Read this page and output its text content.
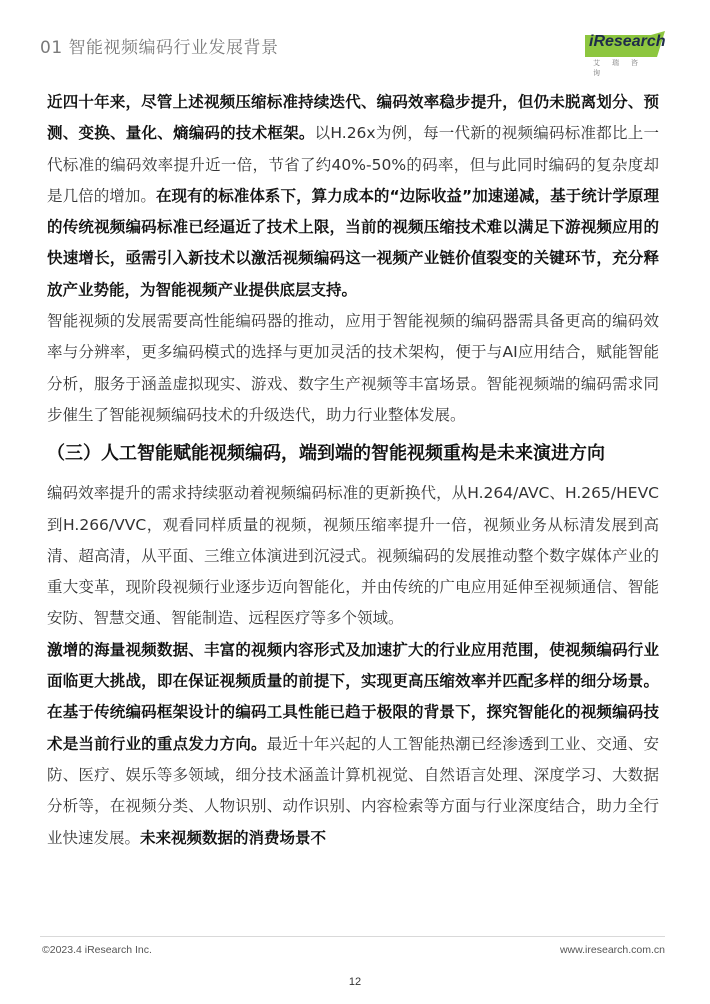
01 智能视频编码行业发展背景	iResearch
艾瑞咨询

近四十年来，尽管上述视频压缩标准持续迭代、编码效率稳步提升，但仍未脱离划分、预测、变换、量化、熵编码的技术框架。以H.26x为例，每一代新的视频编码标准都比上一代标准的编码效率提升近一倍，节省了约40%-50%的码率，但与此同时编码的复杂度却是几倍的增加。在现有的标准体系下，算力成本的“边际收益”加速递减，基于统计学原理的传统视频编码标准已经逼近了技术上限，当前的视频压缩技术难以满足下游视频应用的快速增长，亟需引入新技术以激活视频编码这一视频产业链价值裂变的关键环节，充分释放产业势能，为智能视频产业提供底层支持。

智能视频的发展需要高性能编码器的推动，应用于智能视频的编码器需具备更高的编码效率与分辨率，更多编码模式的选择与更加灵活的技术架构，便于与AI应用结合，赋能智能分析，服务于涵盖虚拟现实、游戏、数字生产视频等丰富场景。智能视频端的编码需求同步催生了智能视频编码技术的升级迭代，助力行业整体发展。

（三）人工智能赋能视频编码，端到端的智能视频重构是未来演进方向

编码效率提升的需求持续驱动着视频编码标准的更新换代，从H.264/AVC、H.265/HEVC到H.266/VVC，观看同样质量的视频，视频压缩率提升一倍，视频业务从标清发展到高清、超高清，从平面、三维立体演进到沉浸式。视频编码的发展推动整个数字媒体产业的重大变革，现阶段视频行业逐步迈向智能化，并由传统的广电应用延伸至视频通信、智能安防、智慧交通、智能制造、远程医疗等多个领域。

激增的海量视频数据、丰富的视频内容形式及加速扩大的行业应用范围，使视频编码行业面临更大挑战，即在保证视频质量的前提下，实现更高压缩效率并匹配多样的细分场景。在基于传统编码框架设计的编码工具性能已趋于极限的背景下，探究智能化的视频编码技术是当前行业的重点发力方向。最近十年兴起的人工智能热潮已经渗透到工业、交通、安防、医疗、娱乐等多领域，细分技术涵盖计算机视觉、自然语言处理、深度学习、大数据分析等，在视频分类、人物识别、动作识别、内容检索等方面与行业深度结合，助力全行业快速发展。未来视频数据的消费场景不

©2023.4 iResearch Inc.	www.iresearch.com.cn
12
